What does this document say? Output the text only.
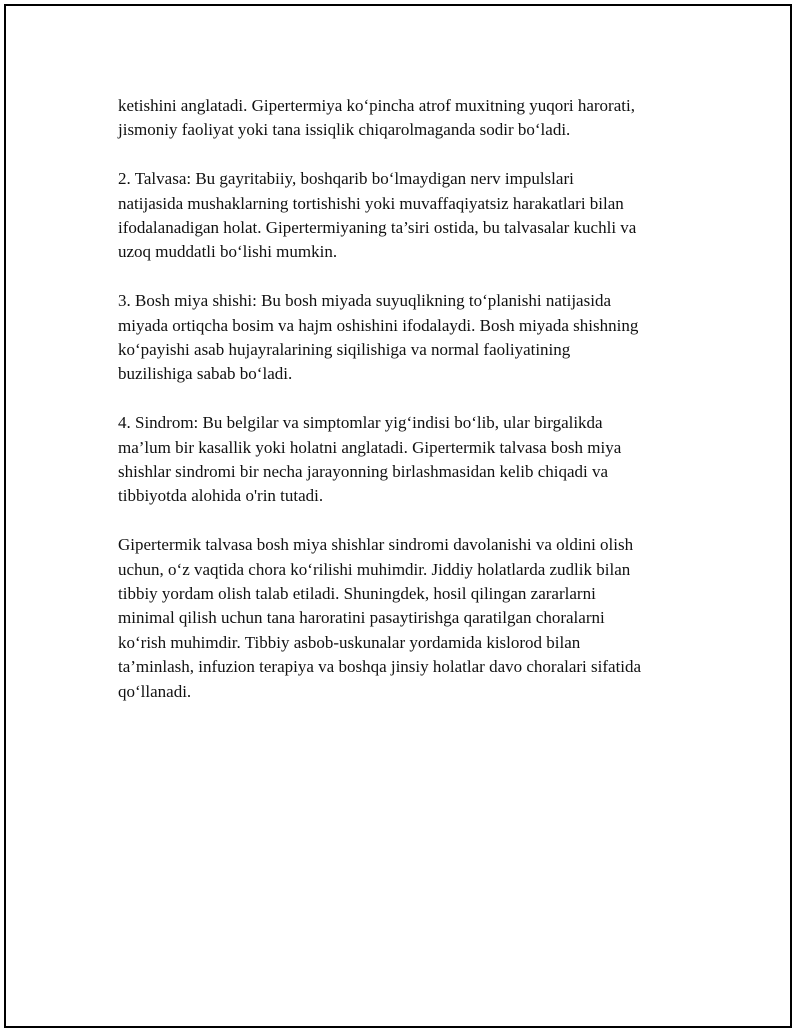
ketishini anglatadi. Gipertermiya ko‘pincha atrof muxitning yuqori harorati,
jismoniy faoliyat yoki tana issiqlik chiqarolmaganda sodir bo‘ladi.

2. Talvasa: Bu gayritabiiy, boshqarib bo‘lmaydigan nerv impulslari
natijasida mushaklarning tortishishi yoki muvaffaqiyatsiz harakatlari bilan
ifodalanadigan holat. Gipertermiyaning ta’siri ostida, bu talvasalar kuchli va
uzoq muddatli bo‘lishi mumkin.

3. Bosh miya shishi: Bu bosh miyada suyuqlikning to‘planishi natijasida
miyada ortiqcha bosim va hajm oshishini ifodalaydi. Bosh miyada shishning
ko‘payishi asab hujayralarining siqilishiga va normal faoliyatining
buzilishiga sabab bo‘ladi.

4. Sindrom: Bu belgilar va simptomlar yig‘indisi bo‘lib, ular birgalikda
ma’lum bir kasallik yoki holatni anglatadi. Gipertermik talvasa bosh miya
shishlar sindromi bir necha jarayonning birlashmasidan kelib chiqadi va
tibbiyotda alohida o'rin tutadi.

Gipertermik talvasa bosh miya shishlar sindromi davolanishi va oldini olish
uchun, o‘z vaqtida chora ko‘rilishi muhimdir. Jiddiy holatlarda zudlik bilan
tibbiy yordam olish talab etiladi. Shuningdek, hosil qilingan zararlarni
minimal qilish uchun tana haroratini pasaytirishga qaratilgan choralarni
ko‘rish muhimdir. Tibbiy asbob-uskunalar yordamida kislorod bilan
ta’minlash, infuzion terapiya va boshqa jinsiy holatlar davo choralari sifatida
qo‘llanadi.
